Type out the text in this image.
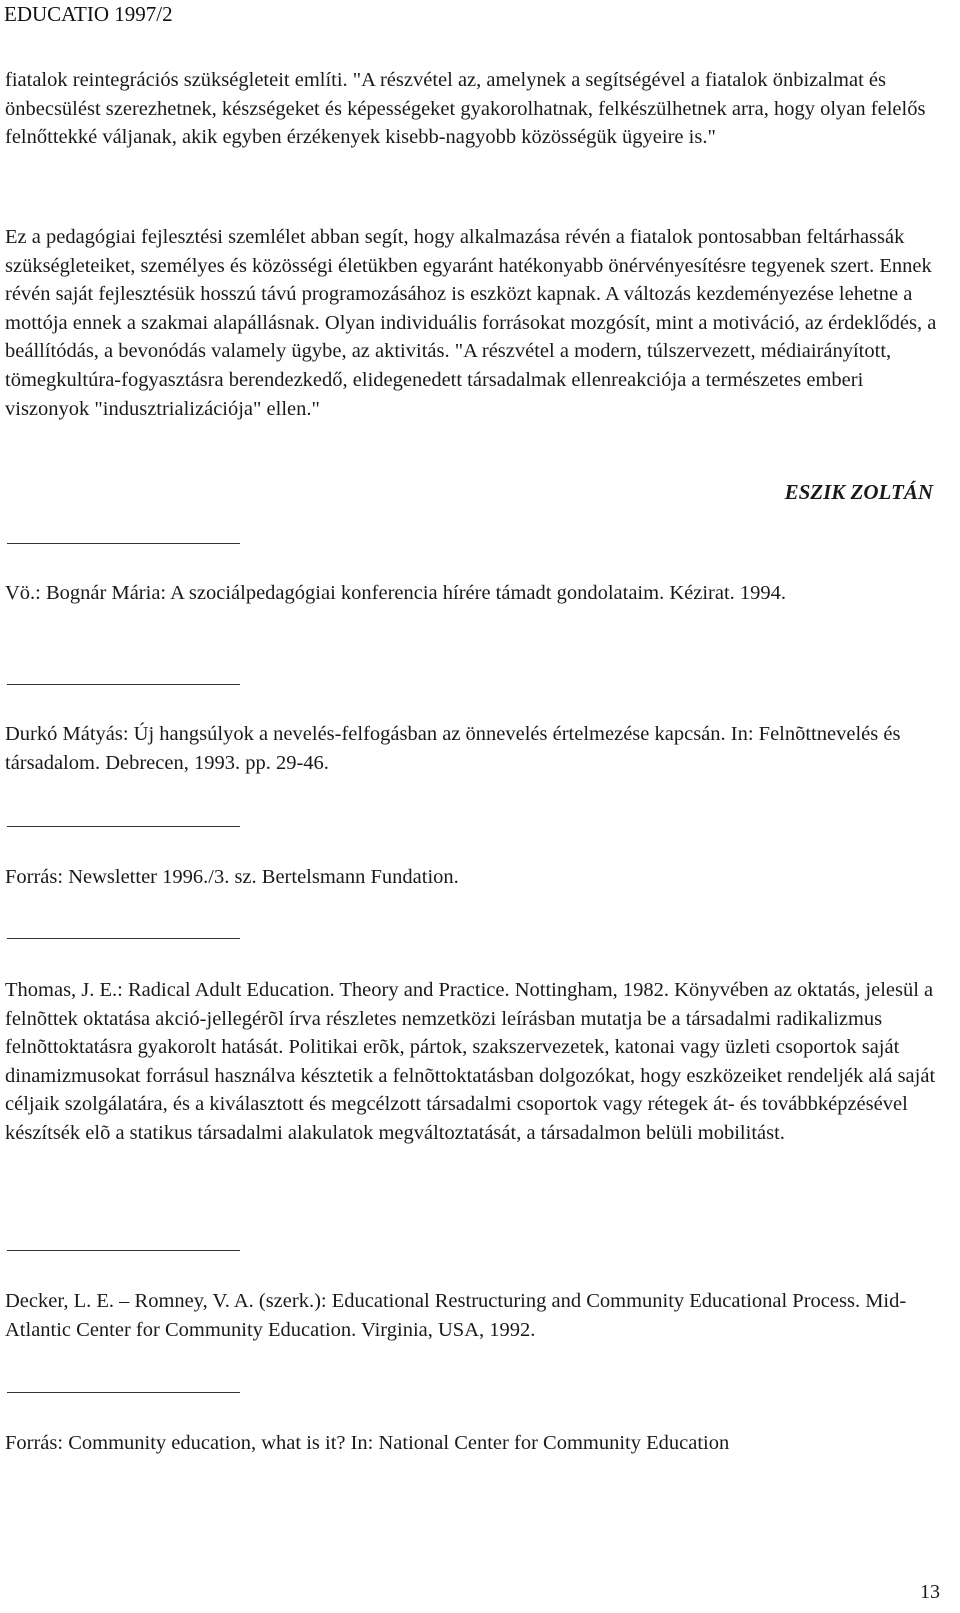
EDUCATIO 1997/2

fiatalok reintegrációs szükségleteit említi. "A részvétel az, amelynek a segítségével a fiatalok önbizalmat és önbecsülést szerezhetnek, készségeket és képességeket gyakorolhatnak, felkészülhetnek arra, hogy olyan felelős felnőttekké váljanak, akik egyben érzékenyek kisebb-nagyobb közösségük ügyeire is."

Ez a pedagógiai fejlesztési szemlélet abban segít, hogy alkalmazása révén a fiatalok pontosabban feltárhassák szükségleteiket, személyes és közösségi életükben egyaránt hatékonyabb önérvényesítésre tegyenek szert. Ennek révén saját fejlesztésük hosszú távú programozásához is eszközt kapnak. A változás kezdeményezése lehetne a mottója ennek a szakmai alapállásnak. Olyan individuális forrásokat mozgósít, mint a motiváció, az érdeklődés, a beállítódás, a bevonódás valamely ügybe, az aktivitás. "A részvétel a modern, túlszervezett, médiairányított, tömegkultúra-fogyasztásra berendezkedő, elidegenedett társadalmak ellenreakciója a természetes emberi viszonyok "indusztrializációja" ellen."

ESZIK ZOLTÁN

Vö.: Bognár Mária: A szociálpedagógiai konferencia hírére támadt gondolataim. Kézirat. 1994.

Durkó Mátyás: Új hangsúlyok a nevelés-felfogásban az önnevelés értelmezése kapcsán. In: Felnõttnevelés és társadalom. Debrecen, 1993. pp. 29-46.

Forrás: Newsletter 1996./3. sz. Bertelsmann Fundation.

Thomas, J. E.: Radical Adult Education. Theory and Practice. Nottingham, 1982. Könyvében az oktatás, jelesül a felnõttek oktatása akció-jellegérõl írva részletes nemzetközi leírásban mutatja be a társadalmi radikalizmus felnõttoktatásra gyakorolt hatását. Politikai erõk, pártok, szakszervezetek, katonai vagy üzleti csoportok saját dinamizmusokat forrásul használva késztetik a felnõttoktatásban dolgozókat, hogy eszközeiket rendeljék alá saját céljaik szolgálatára, és a kiválasztott és megcélzott társadalmi csoportok vagy rétegek át- és továbbképzésével készítsék elõ a statikus társadalmi alakulatok megváltoztatását, a társadalmon belüli mobilitást.

Decker, L. E. – Romney, V. A. (szerk.): Educational Restructuring and Community Educational Process. Mid-Atlantic Center for Community Education. Virginia, USA, 1992.

Forrás: Community education, what is it? In: National Center for Community Education

13
